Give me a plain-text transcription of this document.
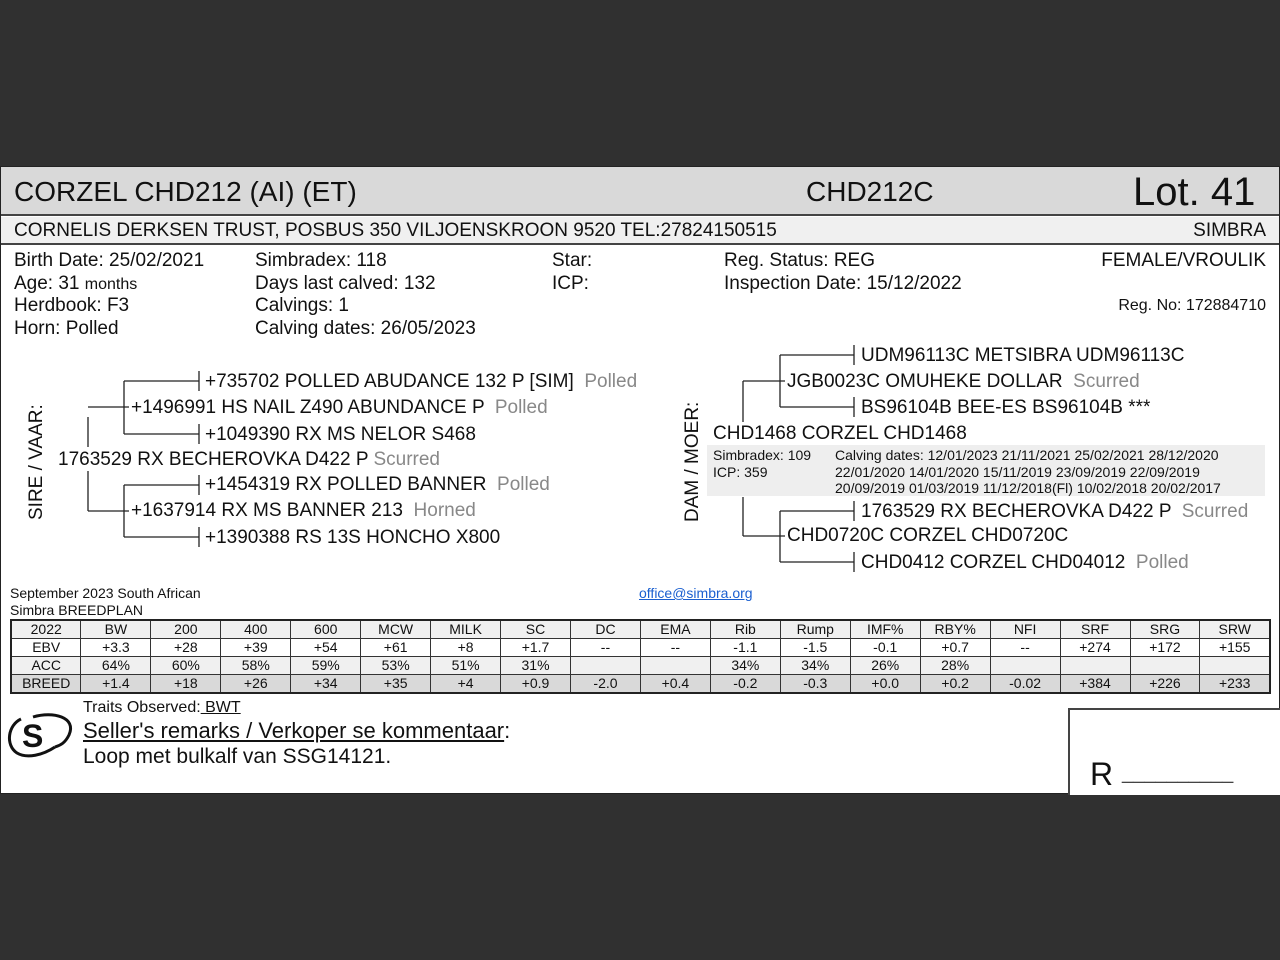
CORZEL CHD212 (AI) (ET)	CHD212C	Lot. 41
CORNELIS DERKSEN TRUST, POSBUS 350 VILJOENSKROON 9520 TEL:27824150515	SIMBRA
Birth Date: 25/02/2021
Age: 31 months
Herdbook: F3
Horn: Polled
Simbradex: 118
Days last calved: 132
Calvings: 1
Calving dates: 26/05/2023
Star:
ICP:
Reg. Status: REG
Inspection Date: 15/12/2022
FEMALE/VROULIK
Reg. No: 172884710
SIRE / VAAR: 1763529 RX BECHEROVKA D422 P Scurred
+1496991 HS NAIL Z490 ABUNDANCE P Polled
+1637914 RX MS BANNER 213 Horned
+735702 POLLED ABUDANCE 132 P [SIM] Polled
+1049390 RX MS NELOR S468
+1454319 RX POLLED BANNER Polled
+1390388 RS 13S HONCHO X800
DAM / MOER: CHD1468 CORZEL CHD1468
Simbradex: 109
ICP: 359
Calving dates: 12/01/2023 21/11/2021 25/02/2021 28/12/2020
22/01/2020 14/01/2020 15/11/2019 23/09/2019 22/09/2019
20/09/2019 01/03/2019 11/12/2018(Fl) 10/02/2018 20/02/2017
JGB0023C OMUHEKE DOLLAR Scurred
CHD0720C CORZEL CHD0720C
UDM96113C METSIBRA UDM96113C
BS96104B BEE-ES BS96104B ***
1763529 RX BECHEROVKA D422 P Scurred
CHD0412 CORZEL CHD04012 Polled
September 2023 South African
Simbra BREEDPLAN
office@simbra.org
2022	BW	200	400	600	MCW	MILK	SC	DC	EMA	Rib	Rump	IMF%	RBY%	NFI	SRF	SRG	SRW
EBV	+3.3	+28	+39	+54	+61	+8	+1.7	--	--	-1.1	-1.5	-0.1	+0.7	--	+274	+172	+155
ACC	64%	60%	58%	59%	53%	51%	31%			34%	34%	26%	28%				
BREED	+1.4	+18	+26	+34	+35	+4	+0.9	-2.0	+0.4	-0.2	-0.3	+0.0	+0.2	-0.02	+384	+226	+233
S
Traits Observed: BWT
Seller's remarks / Verkoper se kommentaar:
Loop met bulkalf van SSG14121.	R __________
